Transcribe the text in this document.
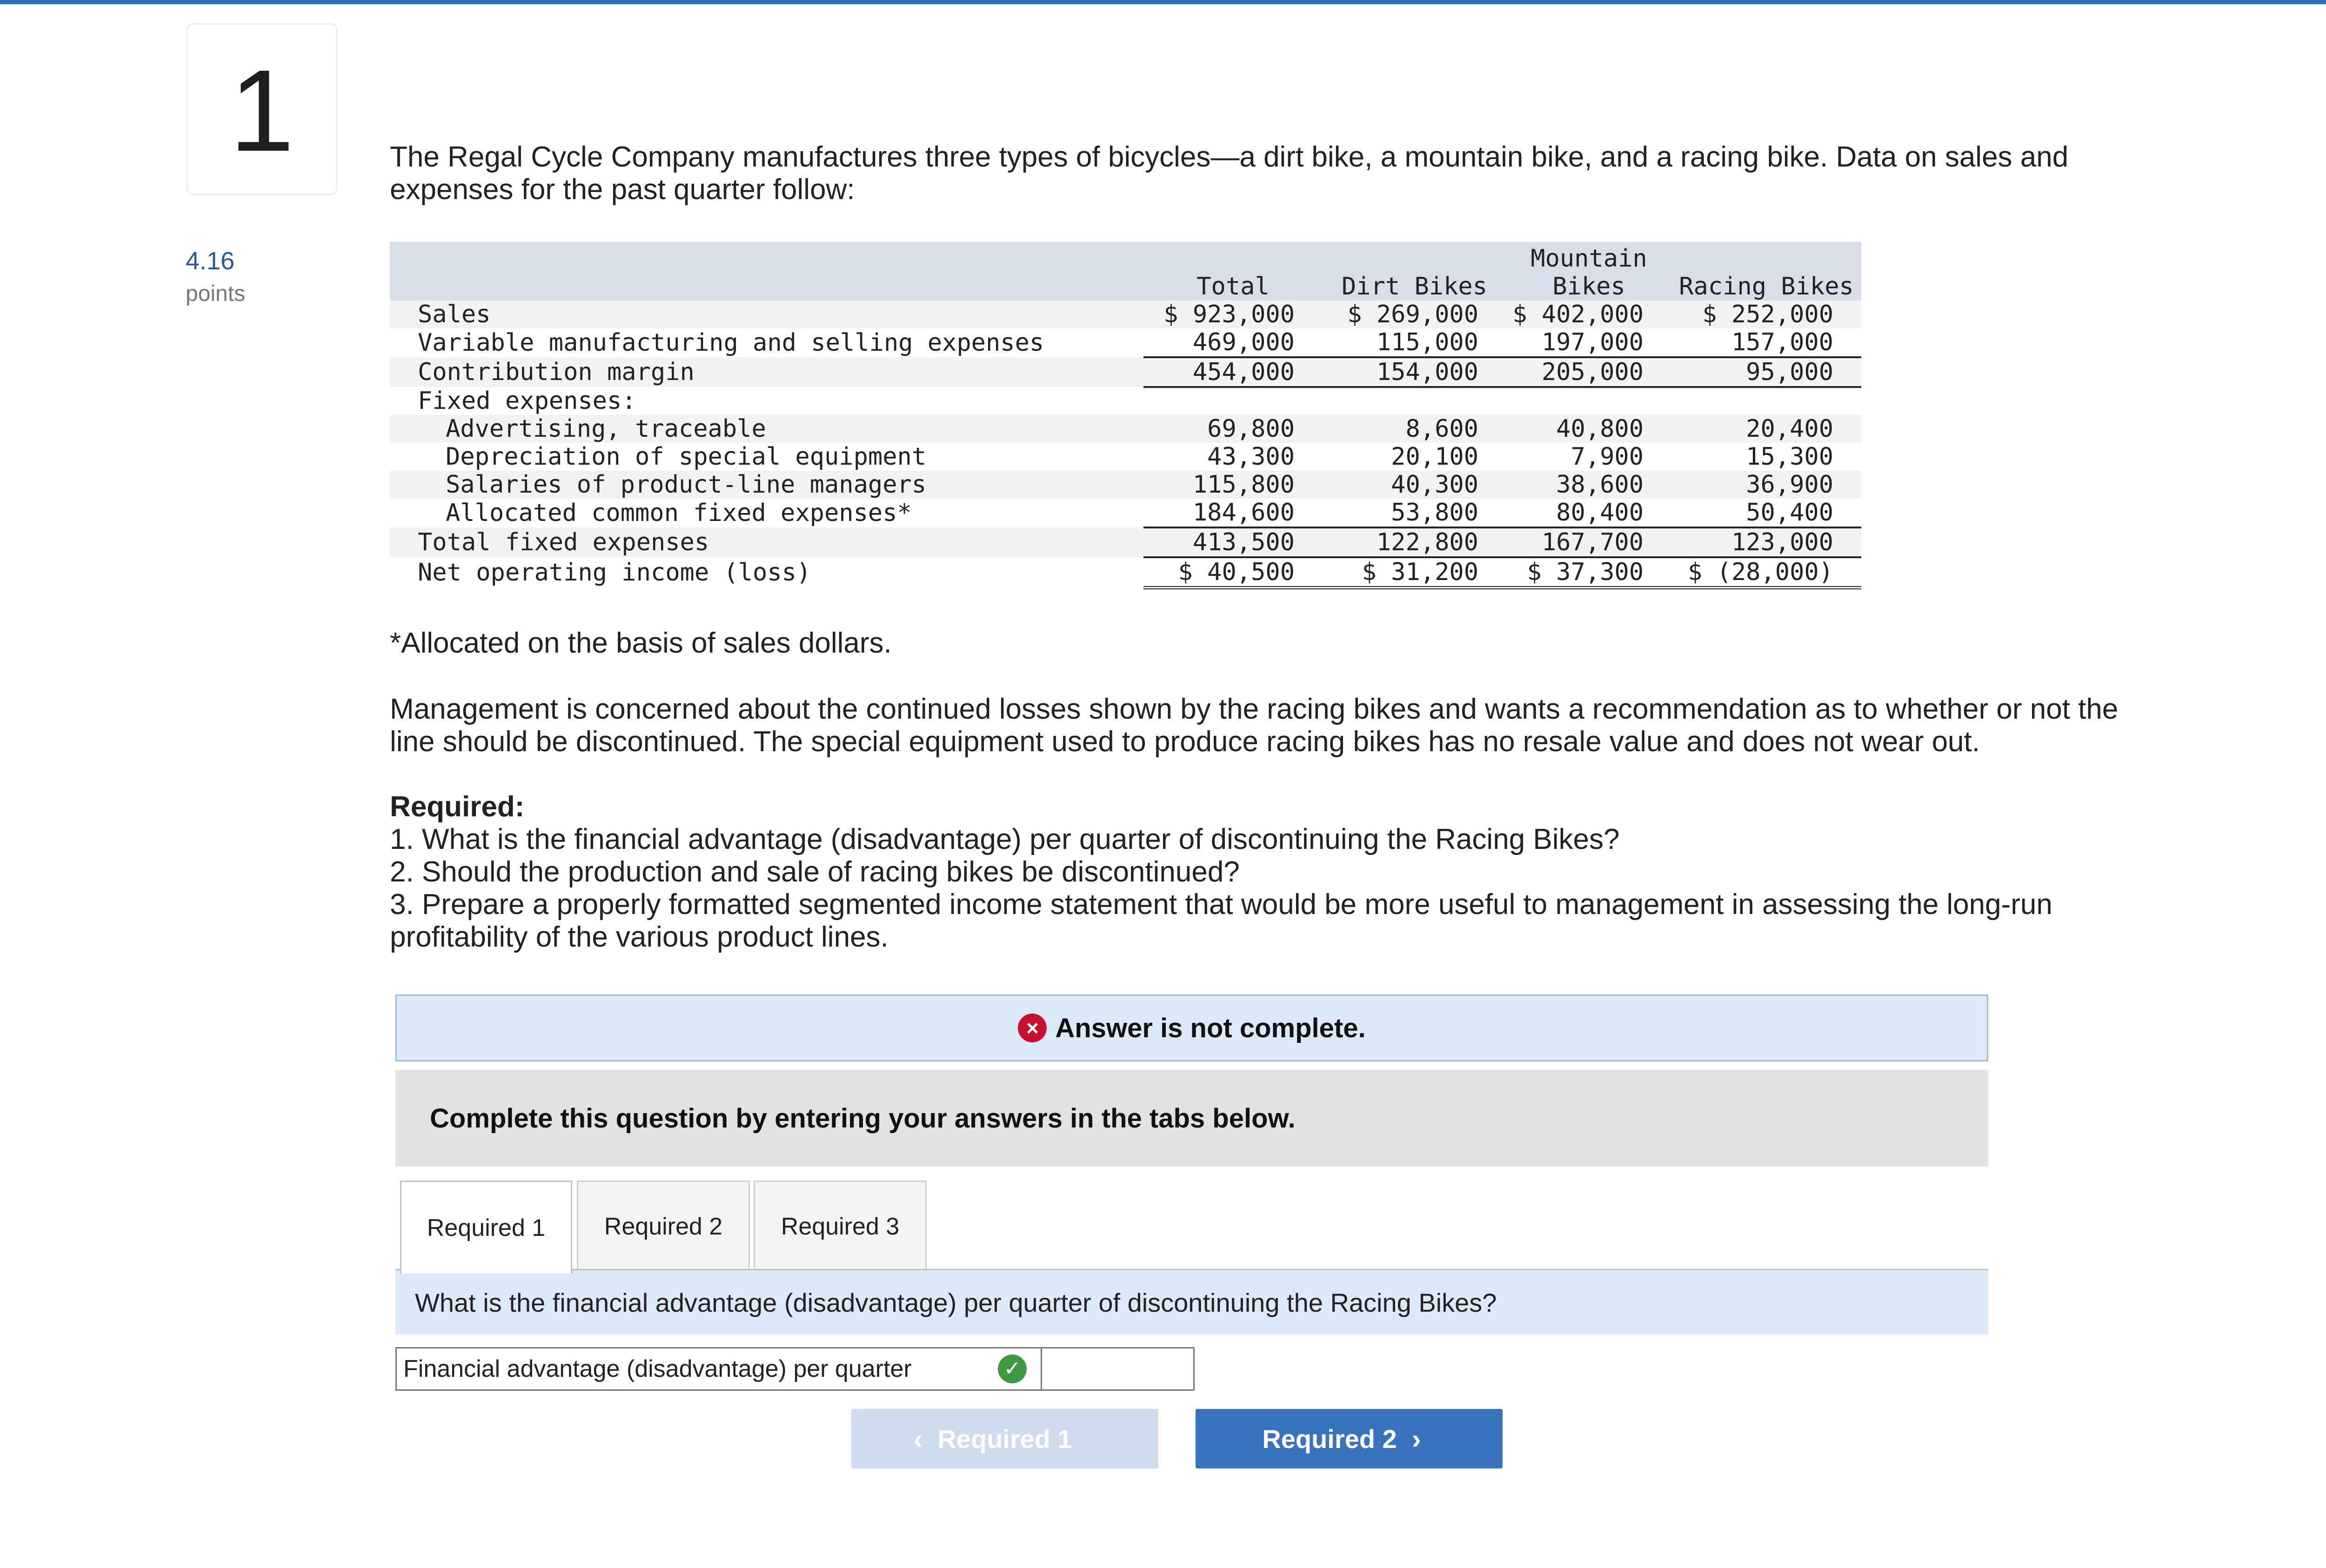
1
4.16
points
The Regal Cycle Company manufactures three types of bicycles—a dirt bike, a mountain bike, and a racing bike. Data on sales and expenses for the past quarter follow:
	Total	Dirt Bikes	Mountain Bikes	Racing Bikes
Sales	$ 923,000	$ 269,000	$ 402,000	$ 252,000
Variable manufacturing and selling expenses	469,000	115,000	197,000	157,000
Contribution margin	454,000	154,000	205,000	95,000
Fixed expenses:				
Advertising, traceable	69,800	8,600	40,800	20,400
Depreciation of special equipment	43,300	20,100	7,900	15,300
Salaries of product-line managers	115,800	40,300	38,600	36,900
Allocated common fixed expenses*	184,600	53,800	80,400	50,400
Total fixed expenses	413,500	122,800	167,700	123,000
Net operating income (loss)	$ 40,500	$ 31,200	$ 37,300	$ (28,000)
*Allocated on the basis of sales dollars.
Management is concerned about the continued losses shown by the racing bikes and wants a recommendation as to whether or not the line should be discontinued. The special equipment used to produce racing bikes has no resale value and does not wear out.
Required:
1. What is the financial advantage (disadvantage) per quarter of discontinuing the Racing Bikes?
2. Should the production and sale of racing bikes be discontinued?
3. Prepare a properly formatted segmented income statement that would be more useful to management in assessing the long-run profitability of the various product lines.
× Answer is not complete.
Complete this question by entering your answers in the tabs below.
Required 1	Required 2	Required 3
What is the financial advantage (disadvantage) per quarter of discontinuing the Racing Bikes?
Financial advantage (disadvantage) per quarter	✓
‹ Required 1	Required 2 ›
